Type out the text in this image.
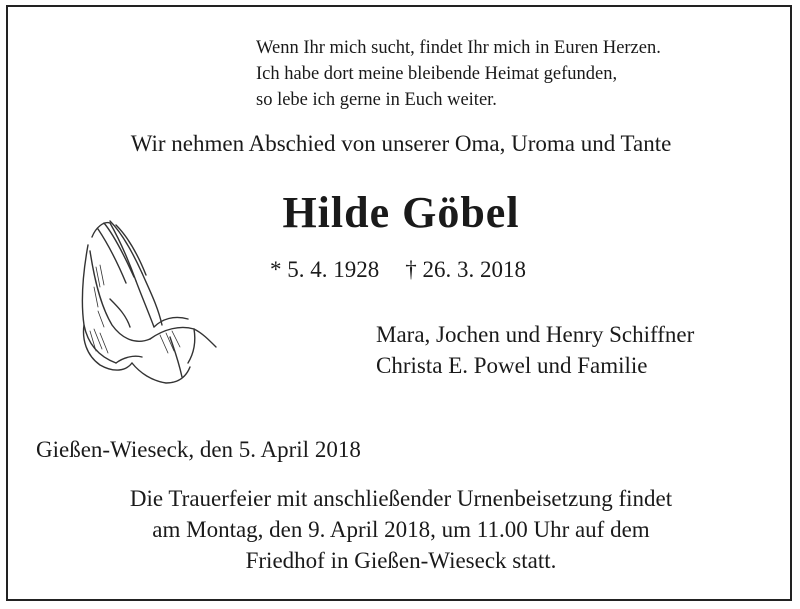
Wenn Ihr mich sucht, findet Ihr mich in Euren Herzen.
Ich habe dort meine bleibende Heimat gefunden,
so lebe ich gerne in Euch weiter.
Wir nehmen Abschied von unserer Oma, Uroma und Tante
Hilde Göbel
* 5. 4. 1928 † 26. 3. 2018
Mara, Jochen und Henry Schiffner
Christa E. Powel und Familie
Gießen-Wieseck, den 5. April 2018
Die Trauerfeier mit anschließender Urnenbeisetzung findet
am Montag, den 9. April 2018, um 11.00 Uhr auf dem
Friedhof in Gießen-Wieseck statt.
